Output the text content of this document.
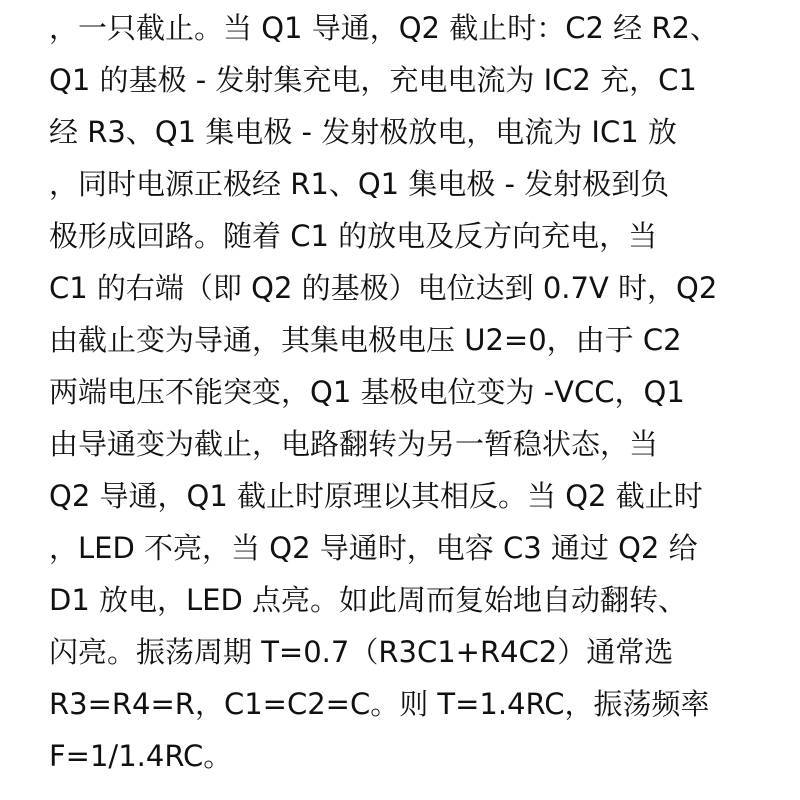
，一只截止。当 Q1 导通，Q2 截止时：C2 经 R2、
Q1 的基极 - 发射集充电，充电电流为 IC2 充，C1
经 R3、Q1 集电极 - 发射极放电，电流为 IC1 放
，同时电源正极经 R1、Q1 集电极 - 发射极到负
极形成回路。随着 C1 的放电及反方向充电，当
C1 的右端（即 Q2 的基极）电位达到 0.7V 时，Q2
由截止变为导通，其集电极电压 U2=0，由于 C2
两端电压不能突变，Q1 基极电位变为 -VCC，Q1
由导通变为截止，电路翻转为另一暂稳状态，当
Q2 导通，Q1 截止时原理以其相反。当 Q2 截止时
，LED 不亮，当 Q2 导通时，电容 C3 通过 Q2 给
D1 放电，LED 点亮。如此周而复始地自动翻转、
闪亮。振荡周期 T=0.7（R3C1+R4C2）通常选
R3=R4=R，C1=C2=C。则 T=1.4RC，振荡频率
F=1/1.4RC。
